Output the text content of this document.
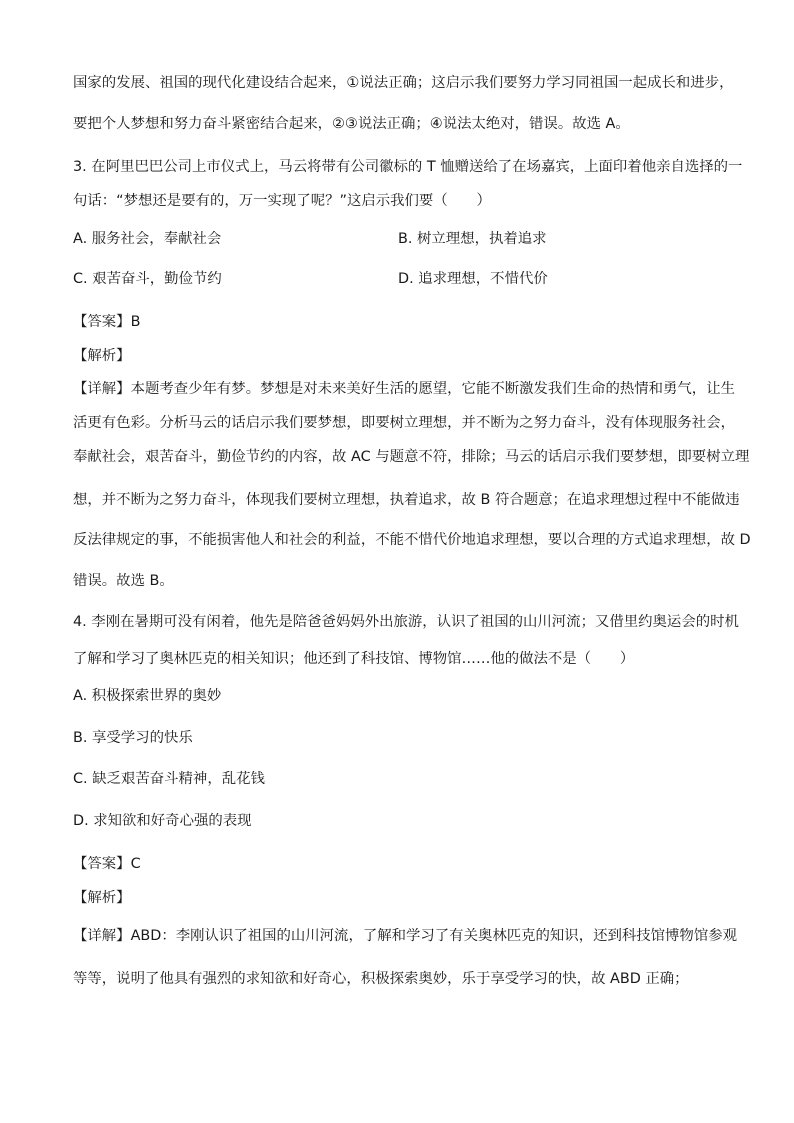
国家的发展、祖国的现代化建设结合起来，①说法正确；这启示我们要努力学习同祖国一起成长和进步，
要把个人梦想和努力奋斗紧密结合起来，②③说法正确；④说法太绝对，错误。故选 A。
3. 在阿里巴巴公司上市仪式上，马云将带有公司徽标的 T 恤赠送给了在场嘉宾，上面印着他亲自选择的一
句话：“梦想还是要有的，万一实现了呢？”这启示我们要（　　）
A. 服务社会，奉献社会	B. 树立理想，执着追求
C. 艰苦奋斗，勤俭节约	D. 追求理想，不惜代价
【答案】B
【解析】
【详解】本题考查少年有梦。梦想是对未来美好生活的愿望，它能不断激发我们生命的热情和勇气，让生
活更有色彩。分析马云的话启示我们要梦想，即要树立理想，并不断为之努力奋斗，没有体现服务社会，
奉献社会，艰苦奋斗，勤俭节约的内容，故 AC 与题意不符，排除；马云的话启示我们要梦想，即要树立理
想，并不断为之努力奋斗，体现我们要树立理想，执着追求，故 B 符合题意；在追求理想过程中不能做违
反法律规定的事，不能损害他人和社会的利益，不能不惜代价地追求理想，要以合理的方式追求理想，故 D
错误。故选 B。
4. 李刚在暑期可没有闲着，他先是陪爸爸妈妈外出旅游，认识了祖国的山川河流；又借里约奥运会的时机
了解和学习了奥林匹克的相关知识；他还到了科技馆、博物馆……他的做法不是（　　）
A. 积极探索世界的奥妙
B. 享受学习的快乐
C. 缺乏艰苦奋斗精神，乱花钱
D. 求知欲和好奇心强的表现
【答案】C
【解析】
【详解】ABD：李刚认识了祖国的山川河流，了解和学习了有关奥林匹克的知识，还到科技馆博物馆参观
等等，说明了他具有强烈的求知欲和好奇心，积极探索奥妙，乐于享受学习的快，故 ABD 正确；
